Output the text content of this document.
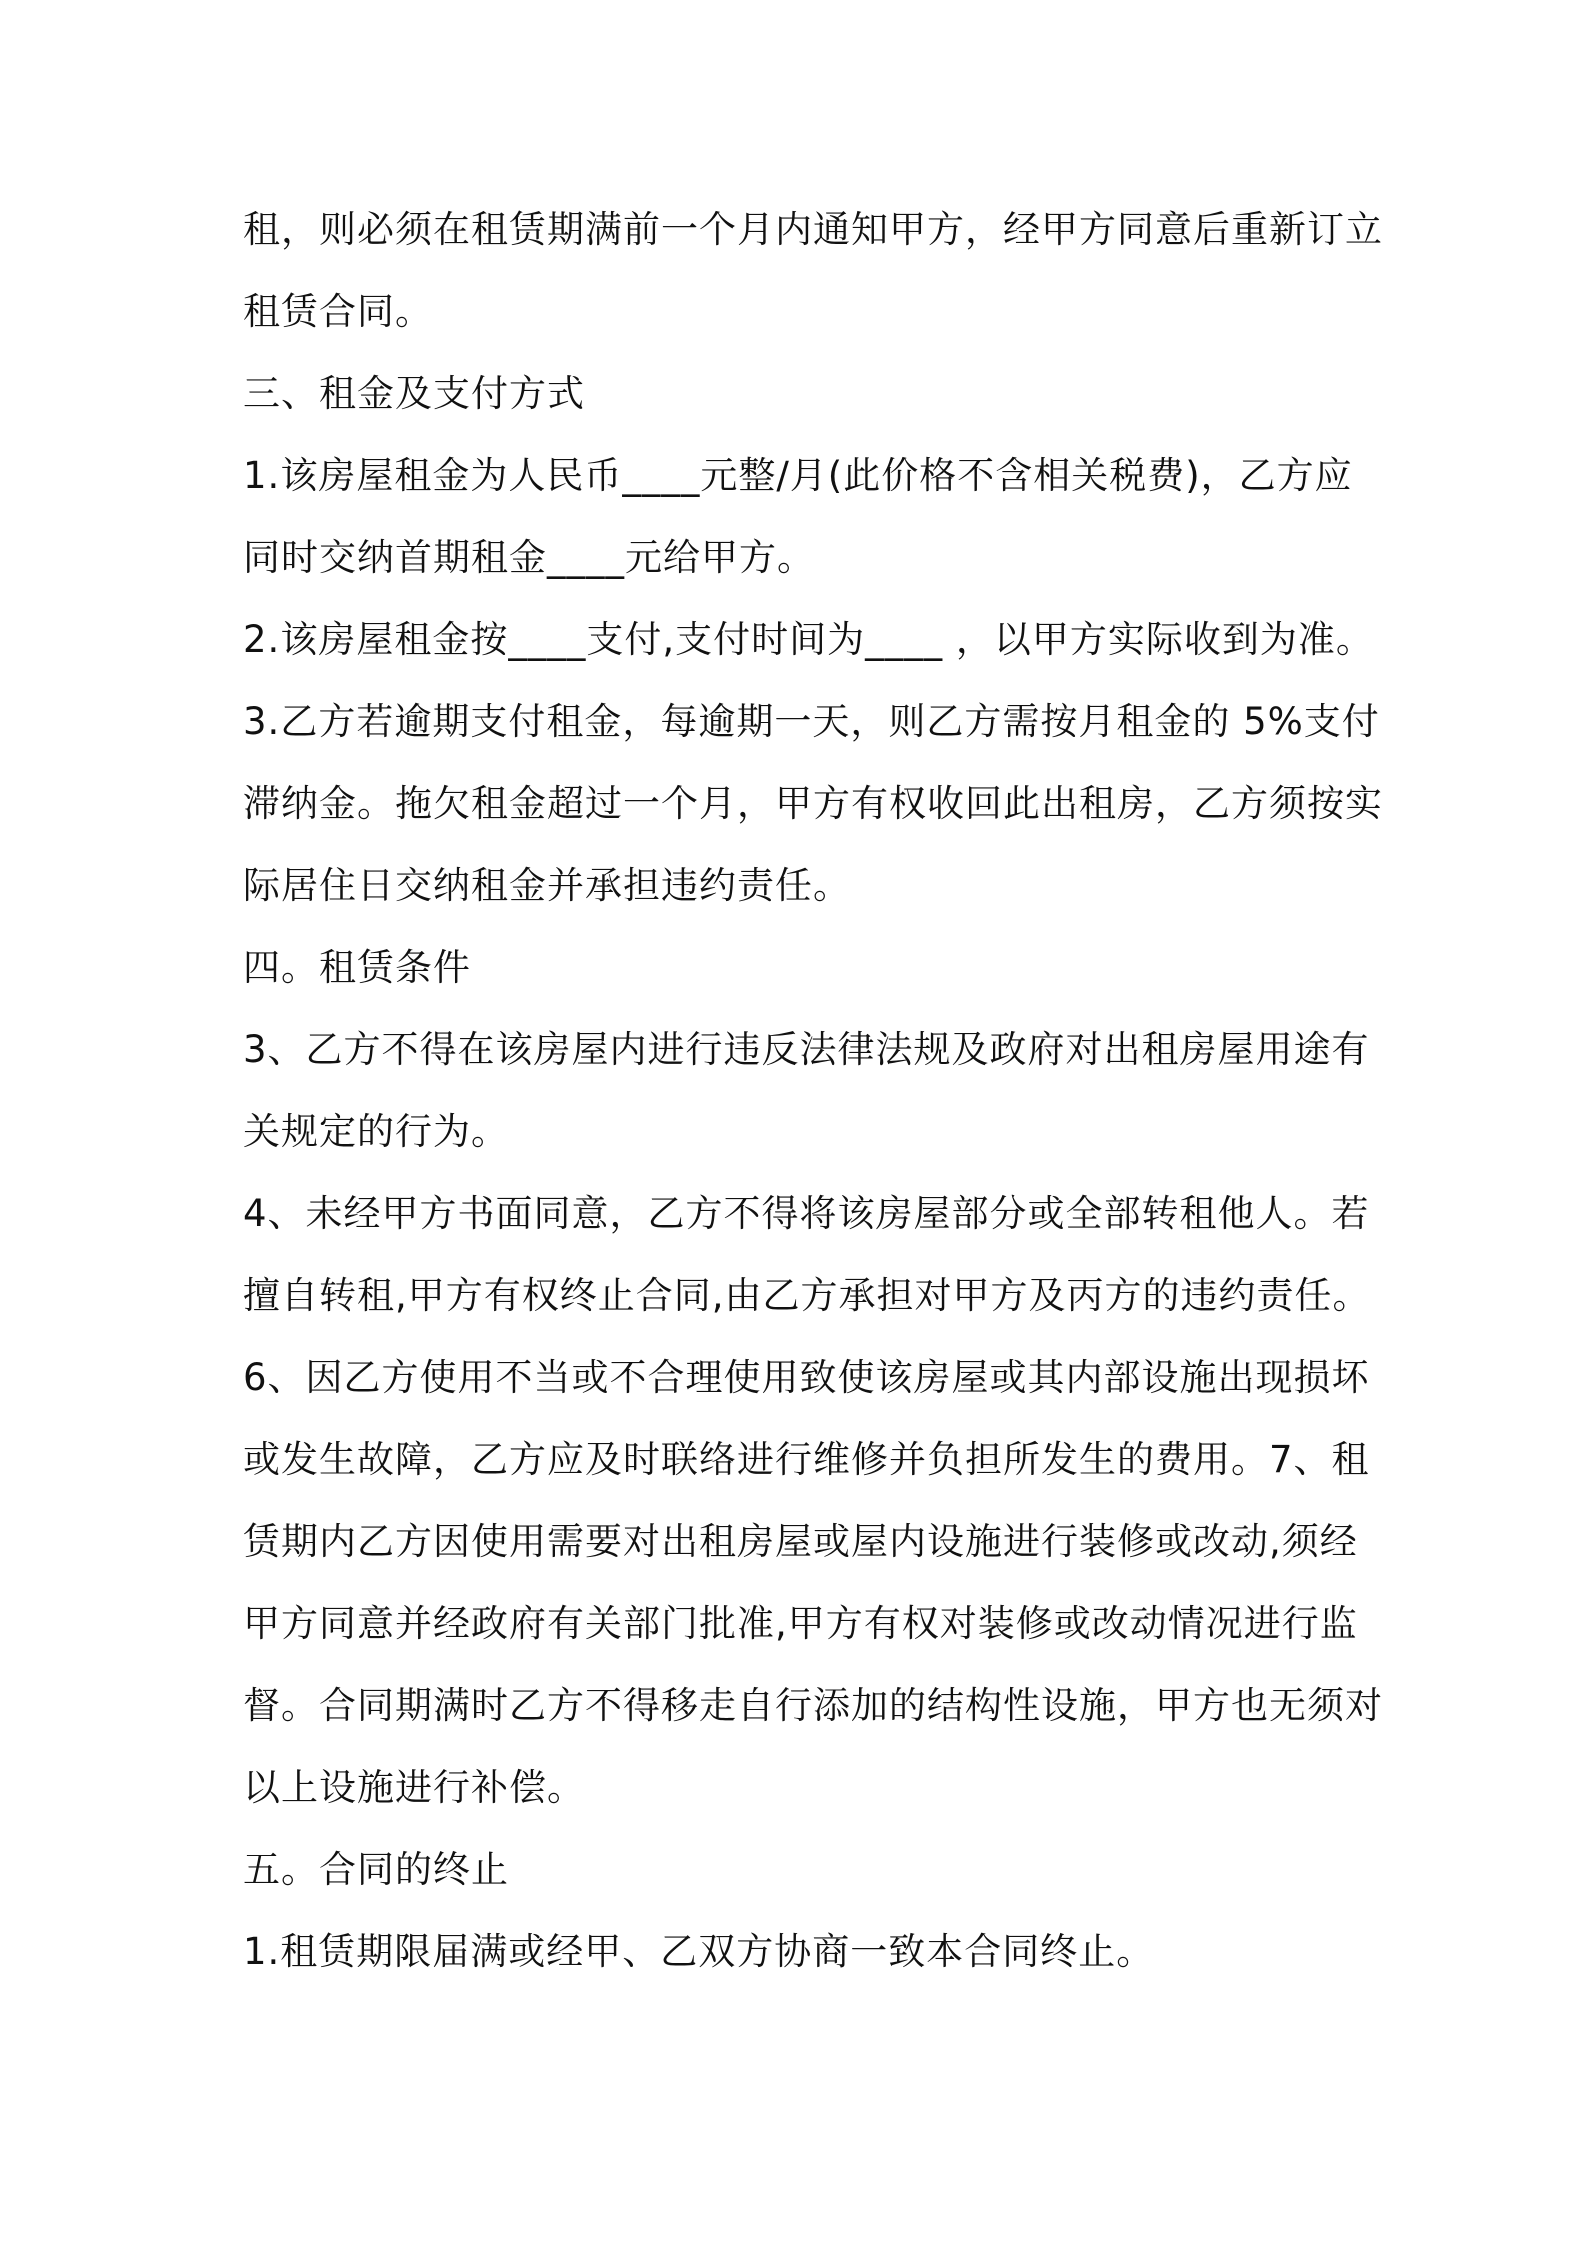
租 ， 则 必 须 在 租 赁 期 满 前 一 个 月 内 通 知 甲 方 ， 经 甲 方 同 意 后 重 新 订 立
租赁合同。
三、租金及支付方式
1 . 该 房 屋 租 金 为 人 民 币 _ _ _ _ 元 整 / 月 ( 此 价 格 不 含 相 关 税 费 ) ， 乙 方 应
同时交纳首期租金____元给甲方。
2 . 该 房 屋 租 金 按 _ _ _ _ 支 付 , 支 付 时 间 为 _ _ _ _
， 以 甲 方 实 际 收 到 为 准 。
3 . 乙 方 若 逾 期 支 付 租 金 ， 每 逾 期 一 天 ， 则 乙 方 需 按 月 租 金 的
5 % 支 付
滞 纳 金 。 拖 欠 租 金 超 过 一 个 月 ， 甲 方 有 权 收 回 此 出 租 房 ， 乙 方 须 按 实
际居住日交纳租金并承担违约责任。
四。租赁条件
3 、 乙 方 不 得 在 该 房 屋 内 进 行 违 反 法 律 法 规 及 政 府 对 出 租 房 屋 用 途 有
关规定的行为。
4 、 未 经 甲 方 书 面 同 意 ， 乙 方 不 得 将 该 房 屋 部 分 或 全 部 转 租 他 人 。 若
擅 自 转 租 , 甲 方 有 权 终 止 合 同 , 由 乙 方 承 担 对 甲 方 及 丙 方 的 违 约 责 任 。
6 、 因 乙 方 使 用 不 当 或 不 合 理 使 用 致 使 该 房 屋 或 其 内 部 设 施 出 现 损 坏
或 发 生 故 障 ， 乙 方 应 及 时 联 络 进 行 维 修 并 负 担 所 发 生 的 费 用 。 7 、 租
赁 期 内 乙 方 因 使 用 需 要 对 出 租 房 屋 或 屋 内 设 施 进 行 装 修 或 改 动 , 须 经
甲 方 同 意 并 经 政 府 有 关 部 门 批 准 , 甲 方 有 权 对 装 修 或 改 动 情 况 进 行 监
督 。 合 同 期 满 时 乙 方 不 得 移 走 自 行 添 加 的 结 构 性 设 施 ， 甲 方 也 无 须 对
以上设施进行补偿。
五。合同的终止
1.租赁期限届满或经甲、乙双方协商一致本合同终止。
